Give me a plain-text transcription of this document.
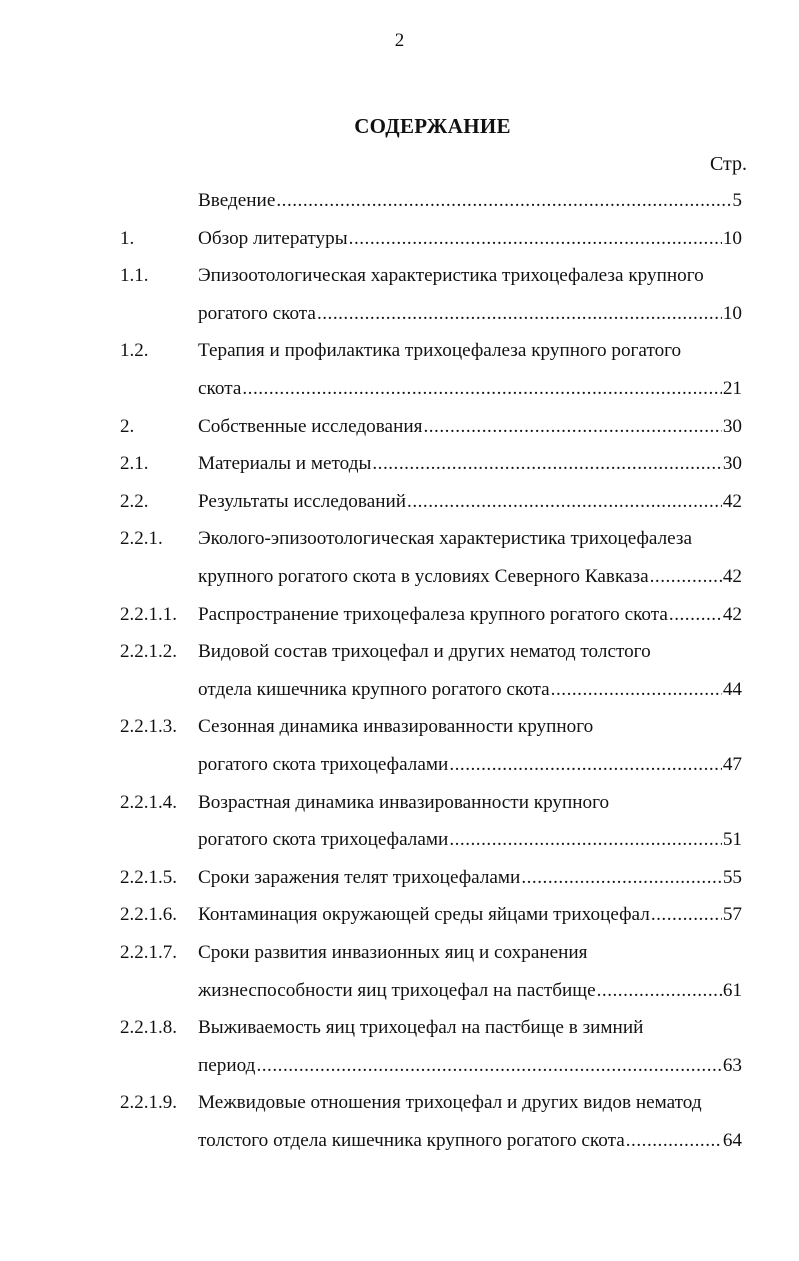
2
СОДЕРЖАНИЕ
Стр.
Введение .....	5
1.	Обзор литературы .....	10
1.1.	Эпизоотологическая характеристика трихоцефалеза крупного
рогатого скота .....	10
1.2.	Терапия и профилактика трихоцефалеза крупного рогатого
скота .....	21
2.	Собственные исследования .....	30
2.1.	Материалы и методы .....	30
2.2.	Результаты исследований .....	42
2.2.1. Эколого-эпизоотологическая характеристика трихоцефалеза
крупного рогатого скота в условиях Северного Кавказа .....	42
2.2.1.1. Распространение трихоцефалеза крупного рогатого скота .....	42
2.2.1.2. Видовой состав трихоцефал и других нематод толстого
отдела кишечника крупного рогатого скота .....	44
2.2.1.3. Сезонная динамика инвазированности крупного
рогатого скота трихоцефалами .....	47
2.2.1.4. Возрастная динамика инвазированности крупного
рогатого скота трихоцефалами .....	51
2.2.1.5. Сроки заражения телят трихоцефалами .....	55
2.2.1.6. Контаминация окружающей среды яйцами трихоцефал .....	57
2.2.1.7. Сроки развития инвазионных яиц и сохранения
жизнеспособности яиц трихоцефал на пастбище .....	61
2.2.1.8. Выживаемость яиц трихоцефал на пастбище в зимний
период .....	63
2.2.1.9. Межвидовые отношения трихоцефал и других видов нематод
толстого отдела кишечника крупного рогатого скота .....	64
